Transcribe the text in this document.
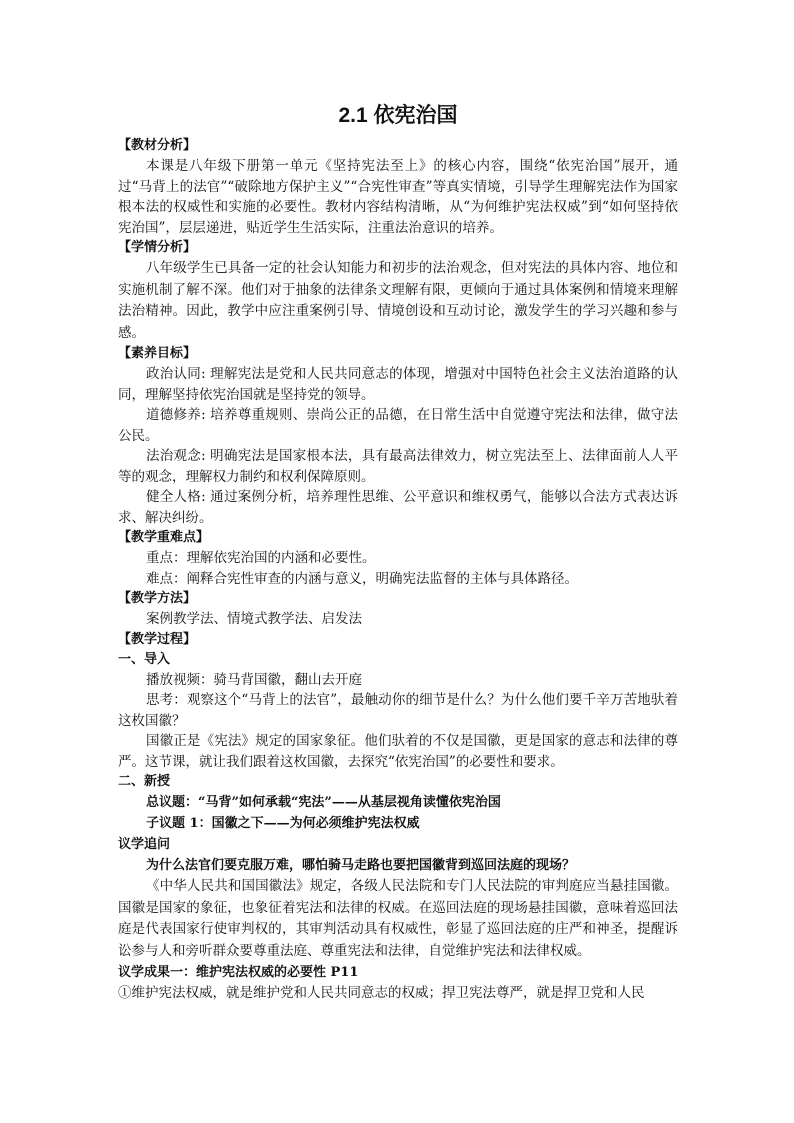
2.1 依宪治国
【教材分析】

本课是八年级下册第一单元《坚持宪法至上》的核心内容，围绕“依宪治国”展开，通过“马背上的法官”“破除地方保护主义”“合宪性审查”等真实情境，引导学生理解宪法作为国家根本法的权威性和实施的必要性。教材内容结构清晰，从“为何维护宪法权威”到“如何坚持依宪治国”，层层递进，贴近学生生活实际，注重法治意识的培养。

【学情分析】

八年级学生已具备一定的社会认知能力和初步的法治观念，但对宪法的具体内容、地位和实施机制了解不深。他们对于抽象的法律条文理解有限，更倾向于通过具体案例和情境来理解法治精神。因此，教学中应注重案例引导、情境创设和互动讨论，激发学生的学习兴趣和参与感。

【素养目标】

政治认同: 理解宪法是党和人民共同意志的体现，增强对中国特色社会主义法治道路的认同，理解坚持依宪治国就是坚持党的领导。

道德修养: 培养尊重规则、崇尚公正的品德，在日常生活中自觉遵守宪法和法律，做守法公民。

法治观念: 明确宪法是国家根本法，具有最高法律效力，树立宪法至上、法律面前人人平等的观念，理解权力制约和权利保障原则。

健全人格: 通过案例分析，培养理性思维、公平意识和维权勇气，能够以合法方式表达诉求、解决纠纷。

【教学重难点】

重点：理解依宪治国的内涵和必要性。

难点：阐释合宪性审查的内涵与意义，明确宪法监督的主体与具体路径。

【教学方法】

案例教学法、情境式教学法、启发法

【教学过程】
一、导入

播放视频：骑马背国徽，翻山去开庭

思考：观察这个“马背上的法官”，最触动你的细节是什么？为什么他们要千辛万苦地驮着这枚国徽？

国徽正是《宪法》规定的国家象征。他们驮着的不仅是国徽，更是国家的意志和法律的尊严。这节课，就让我们跟着这枚国徽，去探究“依宪治国”的必要性和要求。

二、新授

总议题：“马背”如何承载“宪法”——从基层视角读懂依宪治国

子议题 1：国徽之下——为何必须维护宪法权威

议学追问

为什么法官们要克服万难，哪怕骑马走路也要把国徽背到巡回法庭的现场？

《中华人民共和国国徽法》规定，各级人民法院和专门人民法院的审判庭应当悬挂国徽。国徽是国家的象征，也象征着宪法和法律的权威。在巡回法庭的现场悬挂国徽，意味着巡回法庭是代表国家行使审判权的，其审判活动具有权威性，彰显了巡回法庭的庄严和神圣，提醒诉讼参与人和旁听群众要尊重法庭、尊重宪法和法律，自觉维护宪法和法律权威。

议学成果一：维护宪法权威的必要性 P11

①维护宪法权威，就是维护党和人民共同意志的权威；捍卫宪法尊严，就是捍卫党和人民
